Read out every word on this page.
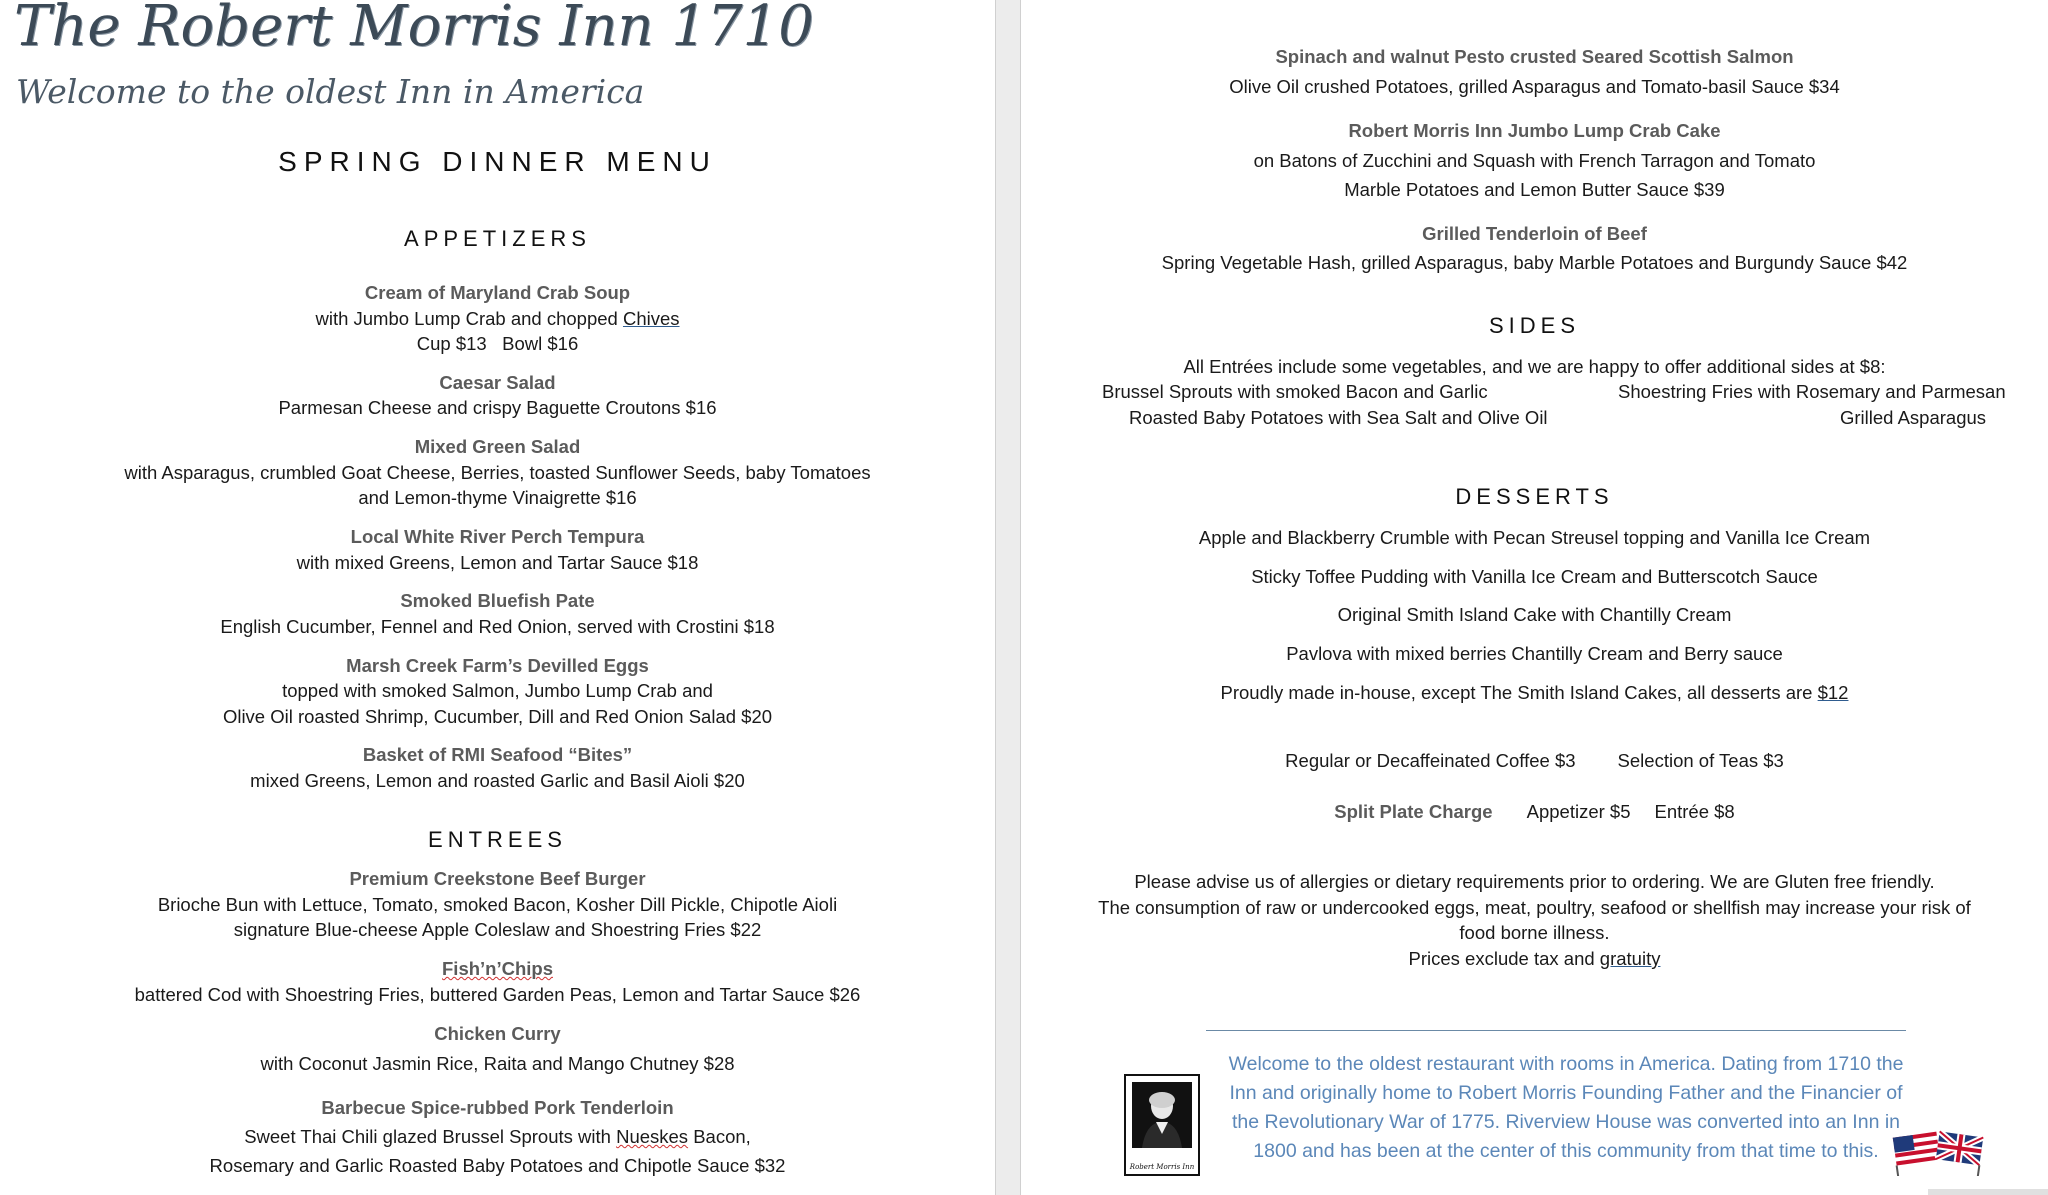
The Robert Morris Inn 1710
Welcome to the oldest Inn in America
SPRING DINNER MENU
APPETIZERS
Cream of Maryland Crab Soup
with Jumbo Lump Crab and chopped Chives
Cup $13   Bowl $16
Caesar Salad
Parmesan Cheese and crispy Baguette Croutons $16
Mixed Green Salad
with Asparagus, crumbled Goat Cheese, Berries, toasted Sunflower Seeds, baby Tomatoes
and Lemon-thyme Vinaigrette $16
Local White River Perch Tempura
with mixed Greens, Lemon and Tartar Sauce $18
Smoked Bluefish Pate
English Cucumber, Fennel and Red Onion, served with Crostini $18
Marsh Creek Farm’s Devilled Eggs
topped with smoked Salmon, Jumbo Lump Crab and
Olive Oil roasted Shrimp, Cucumber, Dill and Red Onion Salad $20
Basket of RMI Seafood “Bites”
mixed Greens, Lemon and roasted Garlic and Basil Aioli $20
ENTREES
Premium Creekstone Beef Burger
Brioche Bun with Lettuce, Tomato, smoked Bacon, Kosher Dill Pickle, Chipotle Aioli
signature Blue-cheese Apple Coleslaw and Shoestring Fries $22
Fish’n’Chips
battered Cod with Shoestring Fries, buttered Garden Peas, Lemon and Tartar Sauce $26
Chicken Curry
with Coconut Jasmin Rice, Raita and Mango Chutney $28
Barbecue Spice-rubbed Pork Tenderloin
Sweet Thai Chili glazed Brussel Sprouts with Nueskes Bacon,
Rosemary and Garlic Roasted Baby Potatoes and Chipotle Sauce $32
Spinach and walnut Pesto crusted Seared Scottish Salmon
Olive Oil crushed Potatoes, grilled Asparagus and Tomato-basil Sauce $34
Robert Morris Inn Jumbo Lump Crab Cake
on Batons of Zucchini and Squash with French Tarragon and Tomato
Marble Potatoes and Lemon Butter Sauce $39
Grilled Tenderloin of Beef
Spring Vegetable Hash, grilled Asparagus, baby Marble Potatoes and Burgundy Sauce $42
SIDES
All Entrées include some vegetables, and we are happy to offer additional sides at $8:
Brussel Sprouts with smoked Bacon and Garlic	Shoestring Fries with Rosemary and Parmesan
Roasted Baby Potatoes with Sea Salt and Olive Oil	Grilled Asparagus
DESSERTS
Apple and Blackberry Crumble with Pecan Streusel topping and Vanilla Ice Cream
Sticky Toffee Pudding with Vanilla Ice Cream and Butterscotch Sauce
Original Smith Island Cake with Chantilly Cream
Pavlova with mixed berries Chantilly Cream and Berry sauce
Proudly made in-house, except The Smith Island Cakes, all desserts are $12
Regular or Decaffeinated Coffee $3 Selection of Teas $3
Split Plate Charge Appetizer $5 Entrée $8
Please advise us of allergies or dietary requirements prior to ordering. We are Gluten free friendly.
The consumption of raw or undercooked eggs, meat, poultry, seafood or shellfish may increase your risk of
food borne illness.
Prices exclude tax and gratuity
Robert Morris Inn
Welcome to the oldest restaurant with rooms in America. Dating from 1710 the Inn and originally home to Robert Morris Founding Father and the Financier of the Revolutionary War of 1775. Riverview House was converted into an Inn in 1800 and has been at the center of this community from that time to this.
